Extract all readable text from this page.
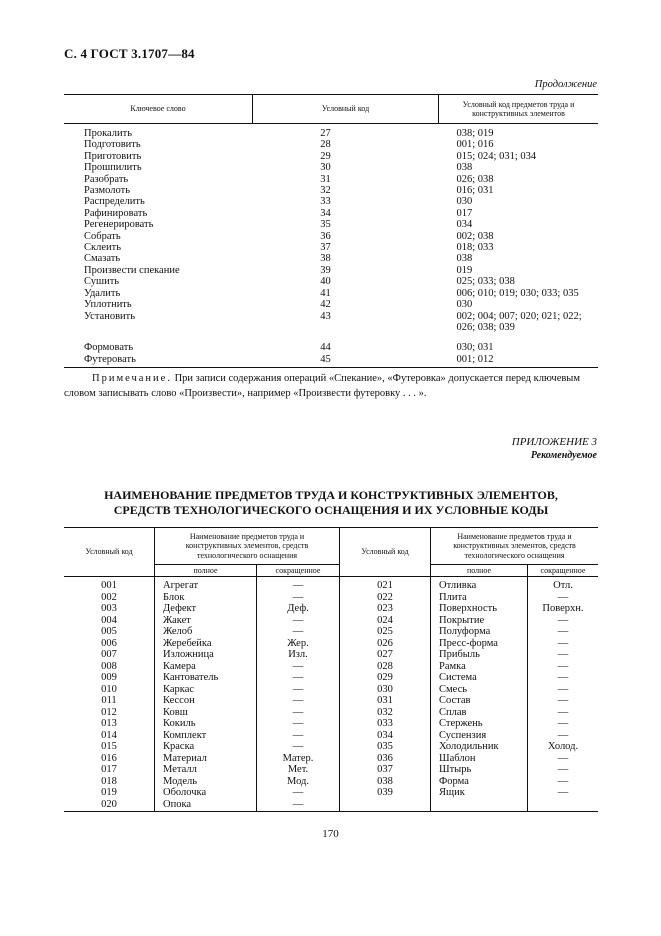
С. 4 ГОСТ 3.1707—84
Продолжение
Ключевое слово	Условный код	Условный код предметов труда и конструктивных элементов
Прокалить	27	038; 019
Подготовить	28	001; 016
Приготовить	29	015; 024; 031; 034
Прошпилить	30	038
Разобрать	31	026; 038
Размолоть	32	016; 031
Распределить	33	030
Рафинировать	34	017
Регенерировать	35	034
Собрать	36	002; 038
Склеить	37	018; 033
Смазать	38	038
Произвести спекание	39	019
Сушить	40	025; 033; 038
Удалить	41	006; 010; 019; 030; 033; 035
Уплотнить	42	030
Установить	43	002; 004; 007; 020; 021; 022;
		026; 038; 039

Формовать	44	030; 031
Футеровать	45	001; 012
Примечание. При записи содержания операций «Спекание», «Футеровка» допускается перед ключевым словом записывать слово «Произвести», например «Произвести футеровку . . . ».
ПРИЛОЖЕНИЕ 3
Рекомендуемое
НАИМЕНОВАНИЕ ПРЕДМЕТОВ ТРУДА И КОНСТРУКТИВНЫХ ЭЛЕМЕНТОВ,
СРЕДСТВ ТЕХНОЛОГИЧЕСКОГО ОСНАЩЕНИЯ И ИХ УСЛОВНЫЕ КОДЫ
Условный код	Наименование предметов труда и конструктивных элементов, средств технологического оснащения		Условный код	Наименование предметов труда и конструктивных элементов, средств технологического оснащения	
	полное	сокращенное		полное	сокращенное
001	Агрегат	—	021	Отливка	Отл.
002	Блок	—	022	Плита	—
003	Дефект	Деф.	023	Поверхность	Поверхн.
004	Жакет	—	024	Покрытие	—
005	Желоб	—	025	Полуформа	—
006	Жеребейка	Жер.	026	Пресс-форма	—
007	Изложница	Изл.	027	Прибыль	—
008	Камера	—	028	Рамка	—
009	Кантователь	—	029	Система	—
010	Каркас	—	030	Смесь	—
011	Кессон	—	031	Состав	—
012	Ковш	—	032	Сплав	—
013	Кокиль	—	033	Стержень	—
014	Комплект	—	034	Суспензия	—
015	Краска	—	035	Холодильник	Холод.
016	Материал	Матер.	036	Шаблон	—
017	Металл	Мет.	037	Штырь	—
018	Модель	Мод.	038	Форма	—
019	Оболочка	—	039	Ящик	—
020	Опока	—			
170
